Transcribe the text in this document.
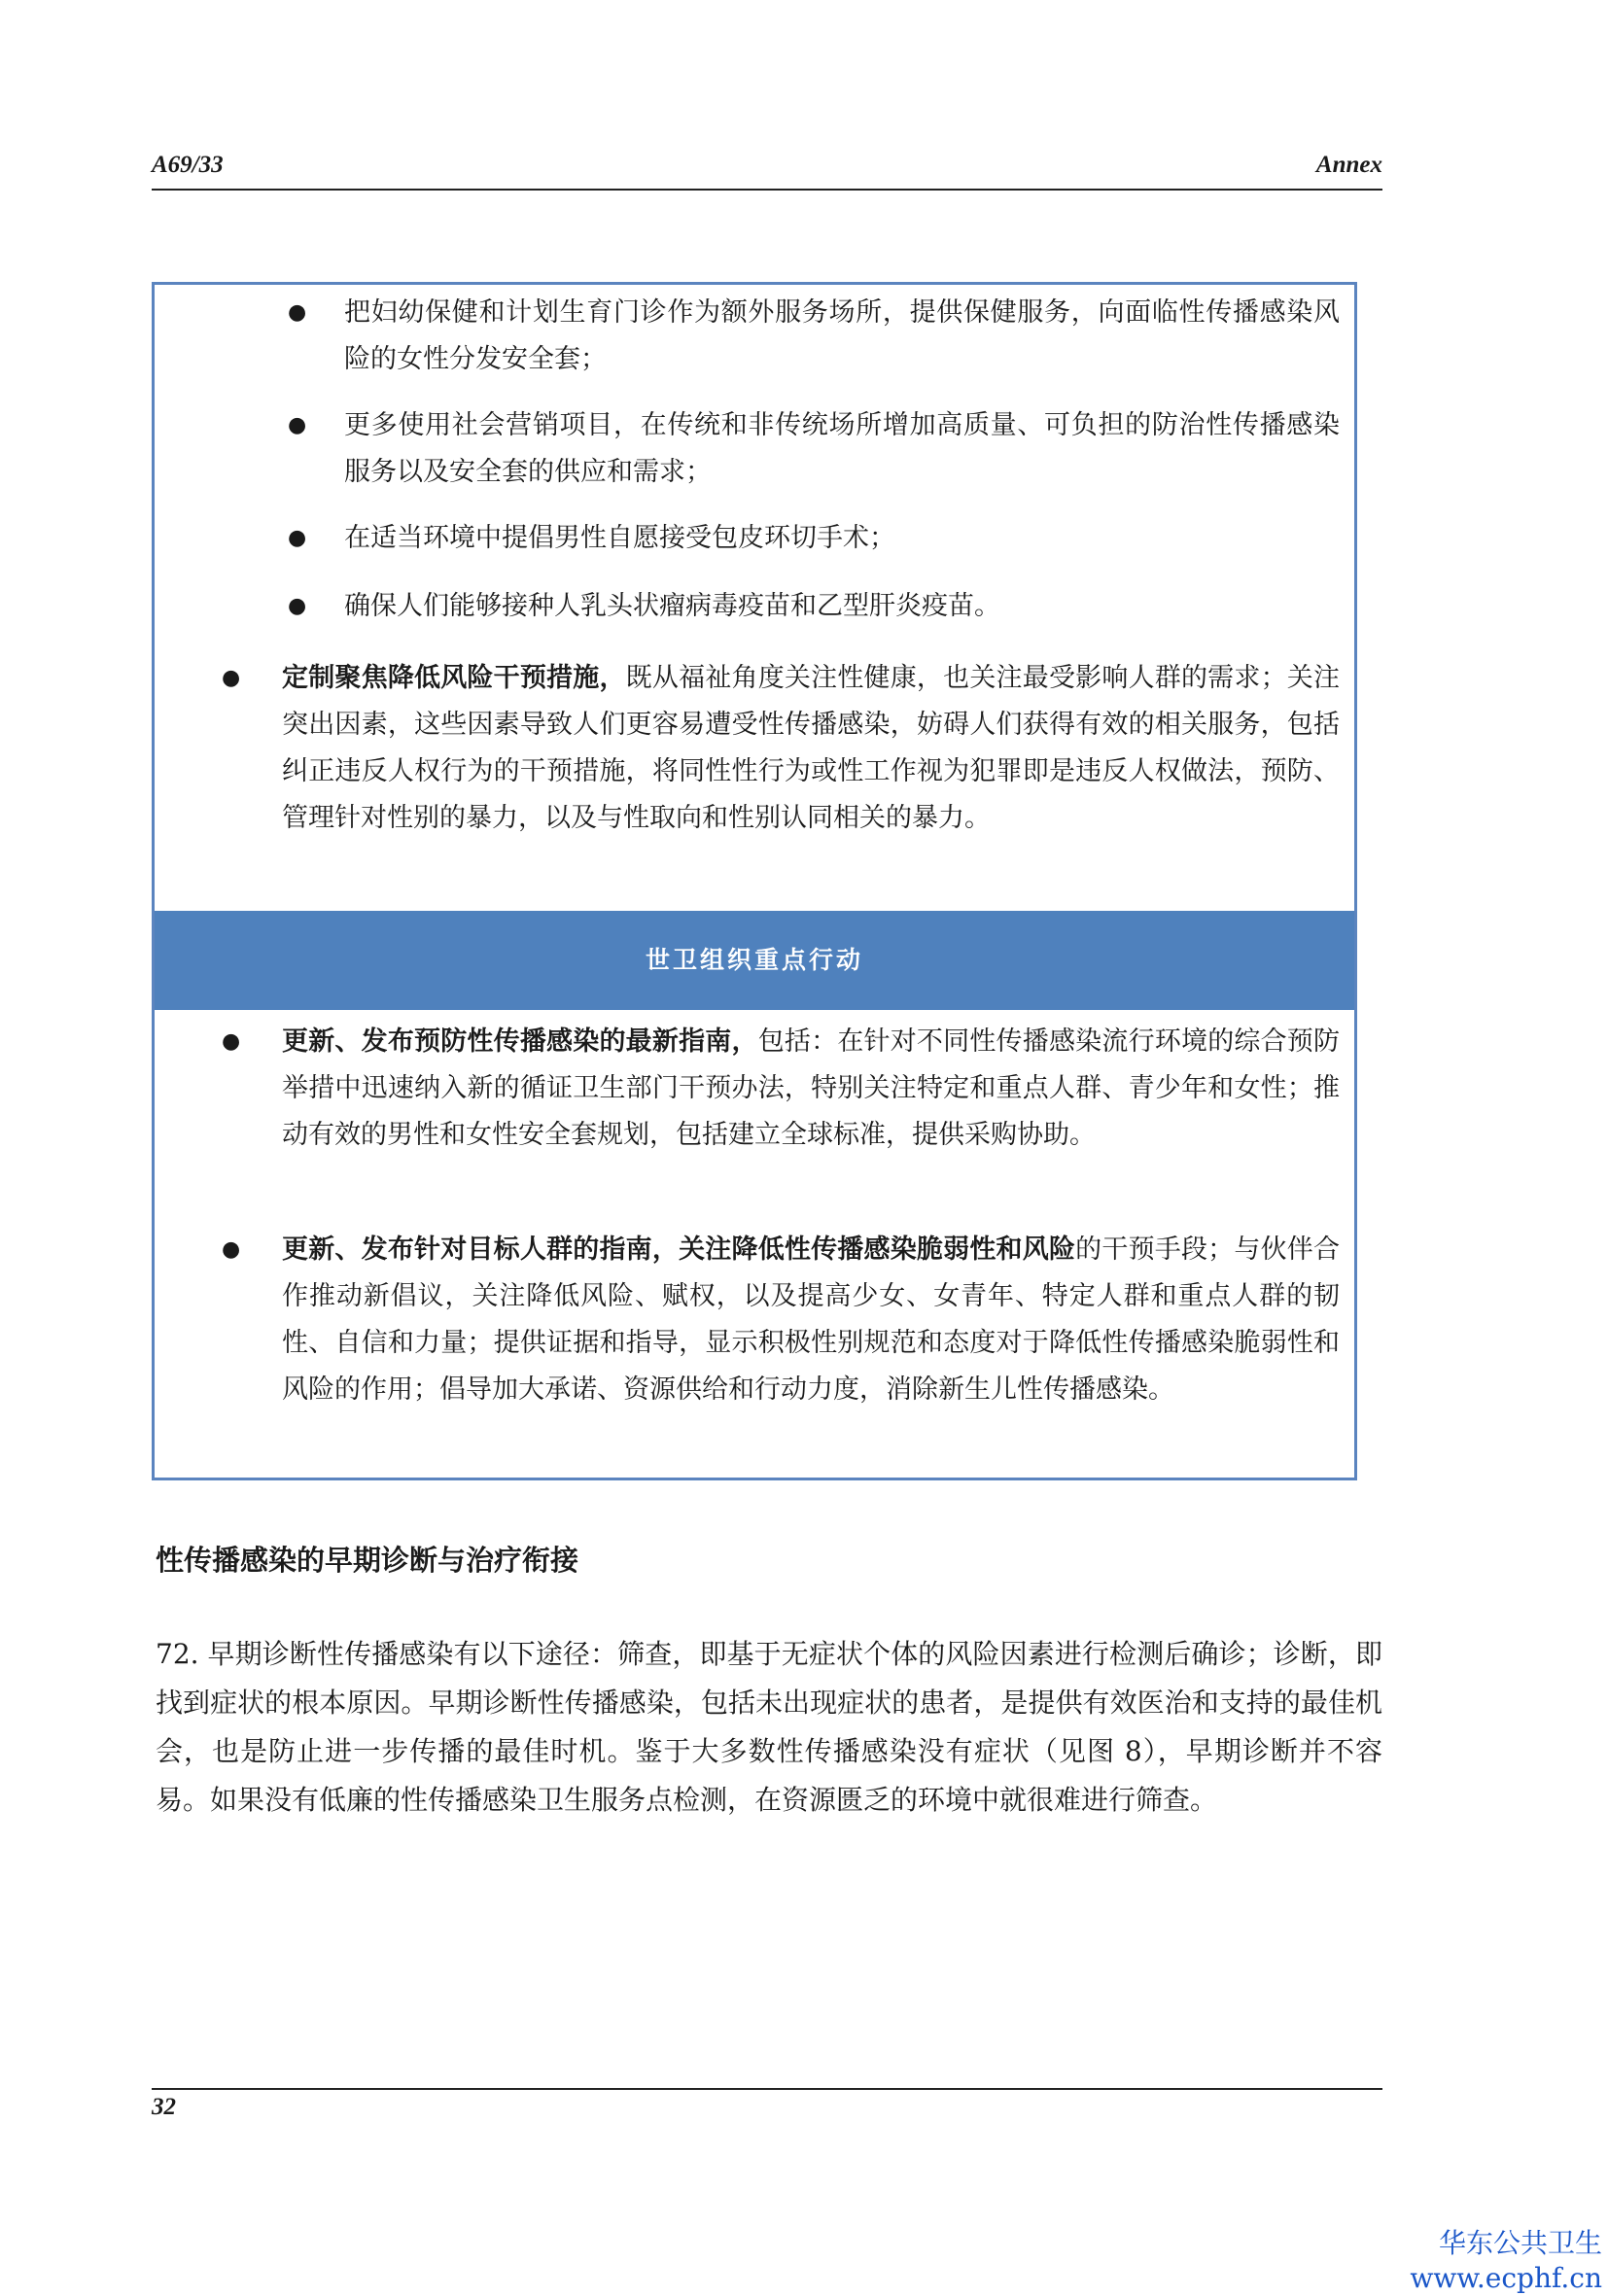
A69/33	Annex
世卫组织重点行动
● 把妇幼保健和计划生育门诊作为额外服务场所，提供保健服务，向面临性传播感染风险的女性分发安全套；
● 更多使用社会营销项目，在传统和非传统场所增加高质量、可负担的防治性传播感染服务以及安全套的供应和需求；
● 在适当环境中提倡男性自愿接受包皮环切手术；
● 确保人们能够接种人乳头状瘤病毒疫苗和乙型肝炎疫苗。
● 定制聚焦降低风险干预措施，既从福祉角度关注性健康，也关注最受影响人群的需求；关注突出因素，这些因素导致人们更容易遭受性传播感染，妨碍人们获得有效的相关服务，包括纠正违反人权行为的干预措施，将同性性行为或性工作视为犯罪即是违反人权做法，预防、管理针对性别的暴力，以及与性取向和性别认同相关的暴力。
● 更新、发布预防性传播感染的最新指南，包括：在针对不同性传播感染流行环境的综合预防举措中迅速纳入新的循证卫生部门干预办法，特别关注特定和重点人群、青少年和女性；推动有效的男性和女性安全套规划，包括建立全球标准，提供采购协助。
● 更新、发布针对目标人群的指南，关注降低性传播感染脆弱性和风险的干预手段；与伙伴合作推动新倡议，关注降低风险、赋权，以及提高少女、女青年、特定人群和重点人群的韧性、自信和力量；提供证据和指导，显示积极性别规范和态度对于降低性传播感染脆弱性和风险的作用；倡导加大承诺、资源供给和行动力度，消除新生儿性传播感染。
性传播感染的早期诊断与治疗衔接
72. 早期诊断性传播感染有以下途径：筛查，即基于无症状个体的风险因素进行检测后确诊；诊断，即找到症状的根本原因。早期诊断性传播感染，包括未出现症状的患者，是提供有效医治和支持的最佳机会，也是防止进一步传播的最佳时机。鉴于大多数性传播感染没有症状（见图 8），早期诊断并不容易。如果没有低廉的性传播感染卫生服务点检测，在资源匮乏的环境中就很难进行筛查。
32
华东公共卫生
www.ecphf.cn
